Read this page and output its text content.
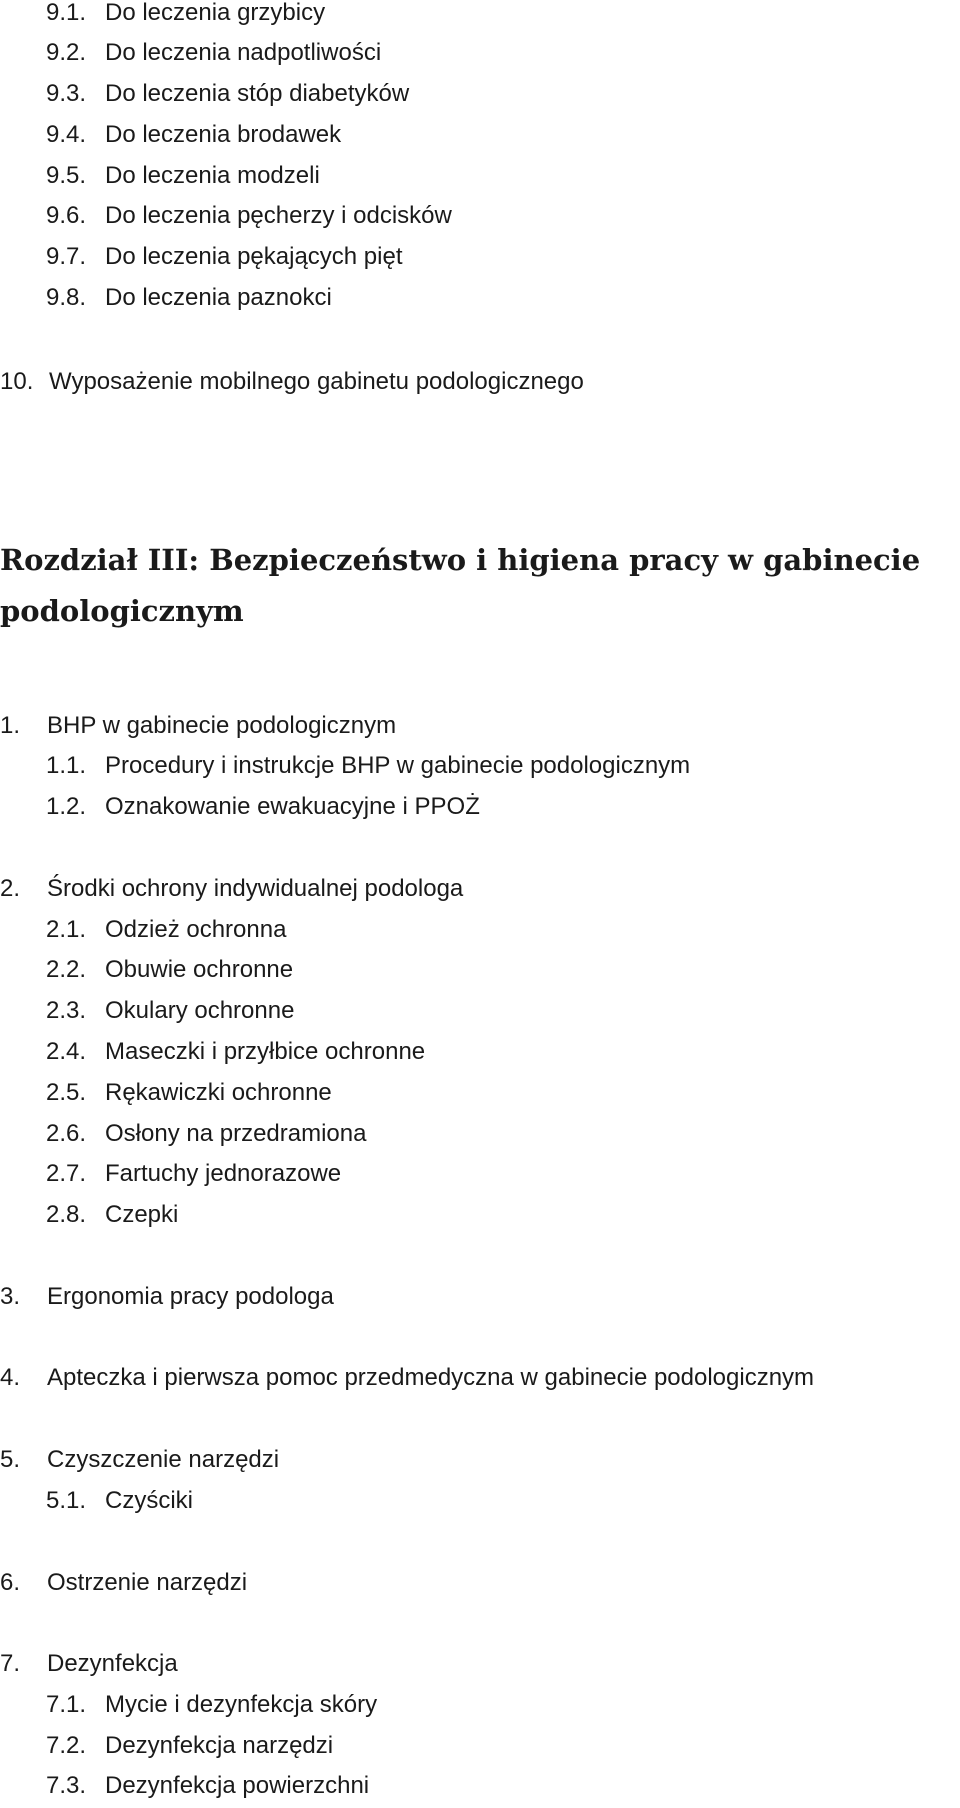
9.1. Do leczenia grzybicy
9.2. Do leczenia nadpotliwości
9.3. Do leczenia stóp diabetyków
9.4. Do leczenia brodawek
9.5. Do leczenia modzeli
9.6. Do leczenia pęcherzy i odcisków
9.7. Do leczenia pękających pięt
9.8. Do leczenia paznokci
10. Wyposażenie mobilnego gabinetu podologicznego
Rozdział III: Bezpieczeństwo i higiena pracy w gabinecie
podologicznym
1. BHP w gabinecie podologicznym
1.1. Procedury i instrukcje BHP w gabinecie podologicznym
1.2. Oznakowanie ewakuacyjne i PPOŻ
2. Środki ochrony indywidualnej podologa
2.1. Odzież ochronna
2.2. Obuwie ochronne
2.3. Okulary ochronne
2.4. Maseczki i przyłbice ochronne
2.5. Rękawiczki ochronne
2.6. Osłony na przedramiona
2.7. Fartuchy jednorazowe
2.8. Czepki
3. Ergonomia pracy podologa
4. Apteczka i pierwsza pomoc przedmedyczna w gabinecie podologicznym
5. Czyszczenie narzędzi
5.1. Czyściki
6. Ostrzenie narzędzi
7. Dezynfekcja
7.1. Mycie i dezynfekcja skóry
7.2. Dezynfekcja narzędzi
7.3. Dezynfekcja powierzchni
